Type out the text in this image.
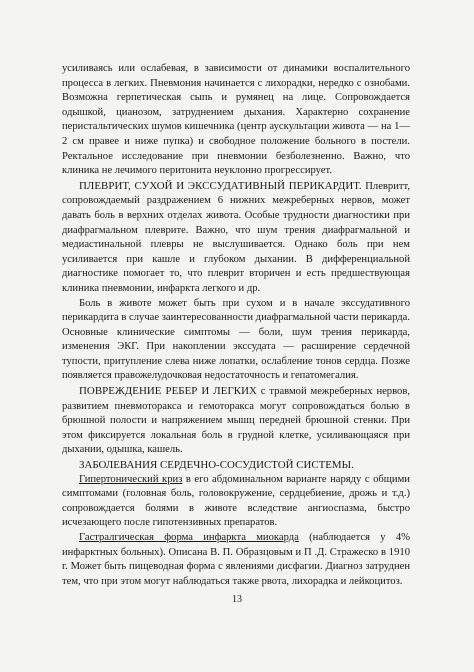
усиливаясь или ослабевая, в зависимости от динамики воспалительного процесса в легких. Пневмония начинается с лихорадки, нередко с ознобами. Возможна герпетическая сыпь и румянец на лице. Сопровождается одышкой, цианозом, затруднением дыхания. Характерно сохранение перистальтических шумов кишечника (центр аускультации живота — на 1—2 см правее и ниже пупка) и свободное положение больного в постели. Ректальное исследование при пневмонии безболезненно. Важно, что клиника не лечимого перитонита неуклонно прогрессирует.

ПЛЕВРИТ, СУХОЙ И ЭКССУДАТИВНЫЙ ПЕРИКАРДИТ. Плевритт, сопровождаемый раздражением 6 нижних межреберных нервов, может давать боль в верхних отделах живота. Особые трудности диагностики при диафрагмальном плеврите. Важно, что шум трения диафрагмальной и медиастинальной плевры не выслушивается. Однако боль при нем усиливается при кашле и глубоком дыхании. В дифференциальной диагностике помогает то, что плеврит вторичен и есть предшествующая клиника пневмонии, инфаркта легкого и др.

Боль в животе может быть при сухом и в начале экссудативного перикардита в случае заинтересованности диафрагмальной части перикарда. Основные клинические симптомы — боли, шум трения перикарда, изменения ЭКГ. При накоплении экссудата — расширение сердечной тупости, притупление слева ниже лопатки, ослабление тонов сердца. Позже появляется правожелудочковая недостаточность и гепатомегалия.

ПОВРЕЖДЕНИЕ РЕБЕР И ЛЕГКИХ с травмой межреберных нервов, развитием пневмоторакса и гемоторакса могут сопровождаться болью в брюшной полости и напряжением мышц передней брюшной стенки. При этом фиксируется локальная боль в грудной клетке, усиливающаяся при дыхании, одышка, кашель.

ЗАБОЛЕВАНИЯ СЕРДЕЧНО-СОСУДИСТОЙ СИСТЕМЫ.

Гипертонический криз в его абдоминальном варианте наряду с общими симптомами (головная боль, головокружение, сердцебиение, дрожь и т.д.) сопровождается болями в животе вследствие ангиоспазма, быстро исчезающего после гипотензивных препаратов.

Гастралгическая форма инфаркта миокарда (наблюдается у 4% инфарктных больных). Описана В. П. Образцовым и П .Д. Стражеско в 1910 г. Может быть пищеводная форма с явлениями дисфагии. Диагноз затруднен тем, что при этом могут наблюдаться также рвота, лихорадка и лейкоцитоз.

13
